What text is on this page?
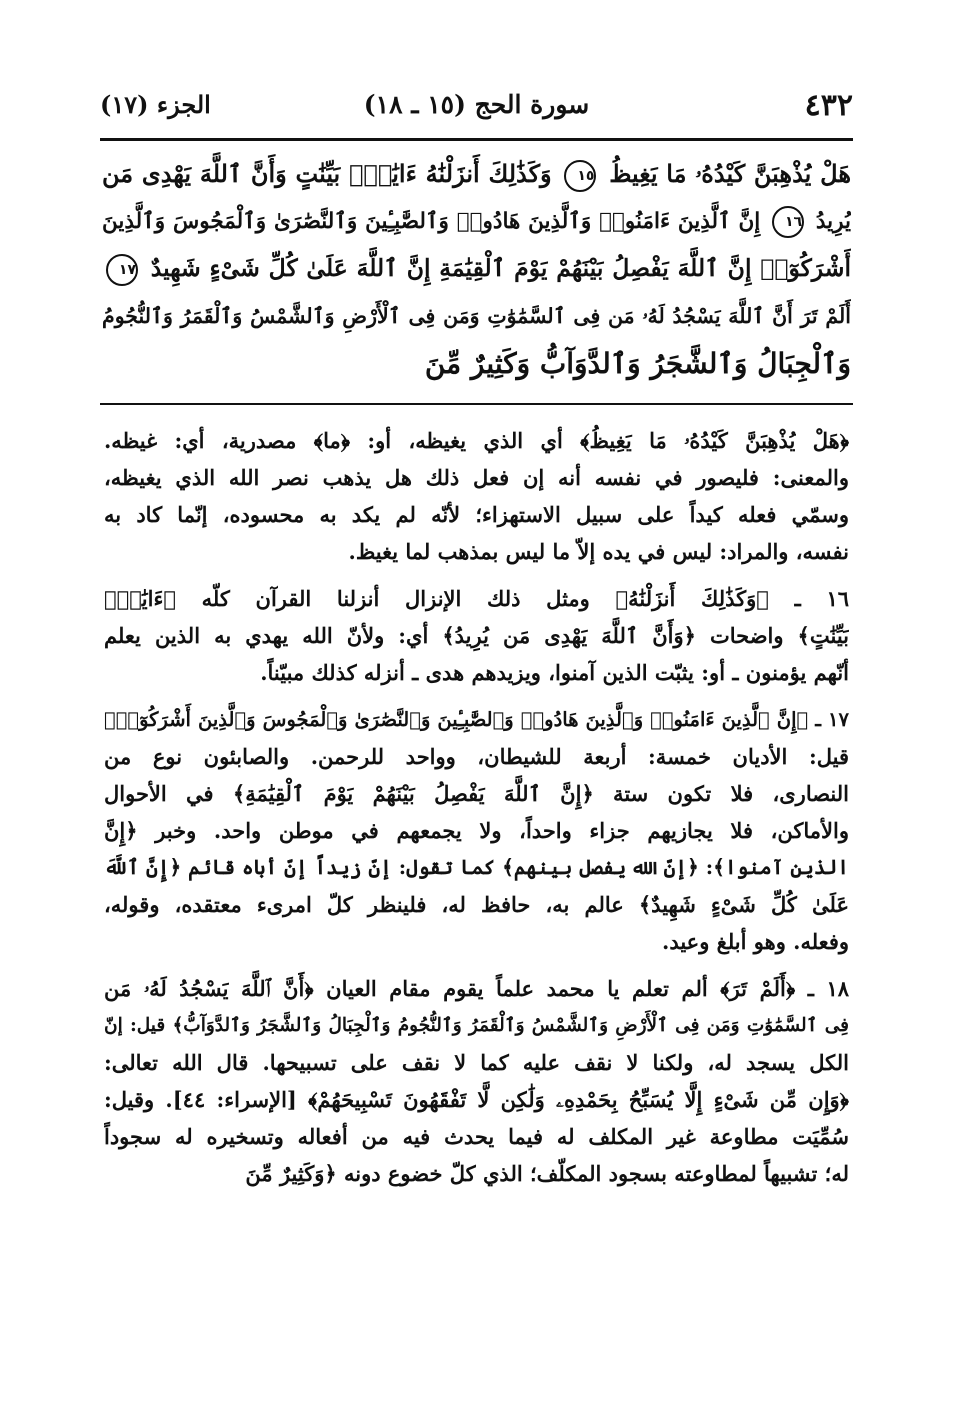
٤٣٢
سورة الحج (١٥ ـ ١٨)
الجزء (١٧)
هَلْ يُذْهِبَنَّ كَيْدُهُۥ مَا يَغِيظُ ١٥ وَكَذَٰلِكَ أَنزَلْنَٰهُ ءَايَٰتٍۭ بَيِّنَٰتٍ وَأَنَّ ٱللَّهَ يَهْدِى مَن
يُرِيدُ ١٦ إِنَّ ٱلَّذِينَ ءَامَنُوا۟ وَٱلَّذِينَ هَادُوا۟ وَٱلصَّٰبِـِٔينَ وَٱلنَّصَٰرَىٰ وَٱلْمَجُوسَ وَٱلَّذِينَ
أَشْرَكُوٓا۟ إِنَّ ٱللَّهَ يَفْصِلُ بَيْنَهُمْ يَوْمَ ٱلْقِيَٰمَةِ إِنَّ ٱللَّهَ عَلَىٰ كُلِّ شَىْءٍ شَهِيدٌ ١٧
أَلَمْ تَرَ أَنَّ ٱللَّهَ يَسْجُدُ لَهُۥ مَن فِى ٱلسَّمَٰوَٰتِ وَمَن فِى ٱلْأَرْضِ وَٱلشَّمْسُ وَٱلْقَمَرُ وَٱلنُّجُومُ
وَٱلْجِبَالُ وَٱلشَّجَرُ وَٱلدَّوَآبُّ وَكَثِيرٌ مِّنَ
﴿هَلْ يُذْهِبَنَّ كَيْدُهُۥ مَا يَغِيظُ﴾ أي الذي يغيظه، أو: ﴿ما﴾ مصدرية، أي: غيظه.
والمعنى: فليصور في نفسه أنه إن فعل ذلك هل يذهب نصر الله الذي يغيظه،
وسمّي فعله كيداً على سبيل الاستهزاء؛ لأنّه لم يكد به محسوده، إنّما كاد به
نفسه، والمراد: ليس في يده إلاّ ما ليس بمذهب لما يغيظ.
١٦ ـ ﴿وَكَذَٰلِكَ أَنزَلْنَٰهُ﴾ ومثل ذلك الإنزال أنزلنا القرآن كلّه ﴿ءَايَٰتٍۭ
بَيِّنَٰتٍ﴾ واضحات ﴿وَأَنَّ ٱللَّهَ يَهْدِى مَن يُرِيدُ﴾ أي: ولأنّ الله يهدي به الذين يعلم
أنّهم يؤمنون ـ أو: يثبّت الذين آمنوا، ويزيدهم هدى ـ أنزله كذلك مبيّناً.
١٧ ـ ﴿إِنَّ ٱلَّذِينَ ءَامَنُوا۟ وَٱلَّذِينَ هَادُوا۟ وَٱلصَّٰبِـِٔينَ وَٱلنَّصَٰرَىٰ وَٱلْمَجُوسَ وَٱلَّذِينَ أَشْرَكُوٓا۟﴾
قيل: الأديان خمسة: أربعة للشيطان، وواحد للرحمن. والصابئون نوع من
النصارى، فلا تكون ستة ﴿إِنَّ ٱللَّهَ يَفْصِلُ بَيْنَهُمْ يَوْمَ ٱلْقِيَٰمَةِ﴾ في الأحوال
والأماكن، فلا يجازيهم جزاء واحداً، ولا يجمعهم في موطن واحد. وخبر ﴿إِنَّ
الذين آمنوا﴾: ﴿إنّ الله يفصل بينهم﴾ كما تقول: إنّ زيداً إنّ أباه قائم ﴿إِنَّ ٱللَّهَ
عَلَىٰ كُلِّ شَىْءٍ شَهِيدٌ﴾ عالم به، حافظ له، فلينظر كلّ امرىء معتقده، وقوله،
وفعله. وهو أبلغ وعيد.
١٨ ـ ﴿أَلَمْ تَرَ﴾ ألم تعلم يا محمد علماً يقوم مقام العيان ﴿أَنَّ ٱللَّهَ يَسْجُدُ لَهُۥ مَن
فِى ٱلسَّمَٰوَٰتِ وَمَن فِى ٱلْأَرْضِ وَٱلشَّمْسُ وَٱلْقَمَرُ وَٱلنُّجُومُ وَٱلْجِبَالُ وَٱلشَّجَرُ وَٱلدَّوَآبُّ﴾ قيل: إنّ
الكل يسجد له، ولكنا لا نقف عليه كما لا نقف على تسبيحها. قال الله تعالى:
﴿وَإِن مِّن شَىْءٍ إِلَّا يُسَبِّحُ بِحَمْدِهِۦ وَلَٰكِن لَّا تَفْقَهُونَ تَسْبِيحَهُمْ﴾ [الإسراء: ٤٤]. وقيل:
سُمِّيَت مطاوعة غير المكلف له فيما يحدث فيه من أفعاله وتسخيره له سجوداً
له؛ تشبيهاً لمطاوعته بسجود المكلّف؛ الذي كلّ خضوع دونه ﴿وَكَثِيرٌ مِّنَ
